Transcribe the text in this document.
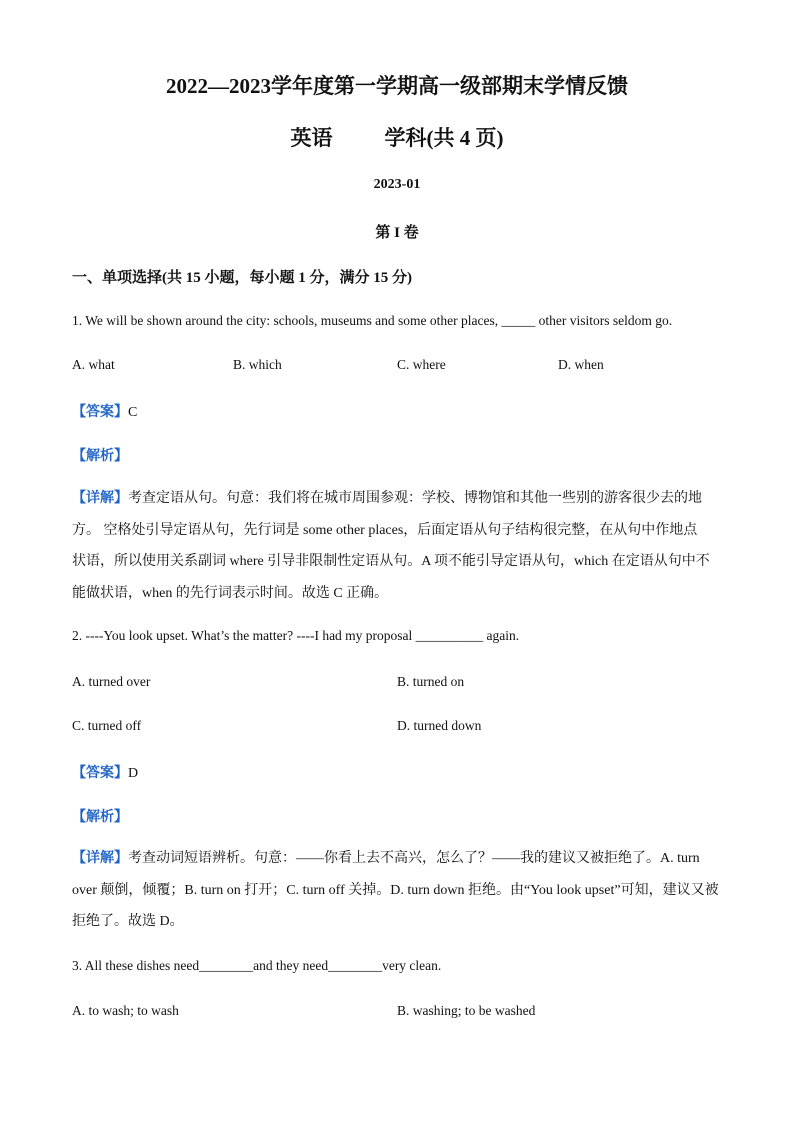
2022—2023学年度第一学期高一级部期末学情反馈
英语 学科(共 4 页)
2023-01
第 I 卷
一、单项选择(共 15 小题，每小题 1 分，满分 15 分)
1. We will be shown around the city: schools, museums and some other places, _____ other visitors seldom go.
A. what	B. which	C. where	D. when
【答案】C
【解析】
【详解】考查定语从句。句意：我们将在城市周围参观：学校、博物馆和其他一些别的游客很少去的地
方。 空格处引导定语从句，先行词是 some other places，后面定语从句子结构很完整，在从句中作地点
状语，所以使用关系副词 where 引导非限制性定语从句。A 项不能引导定语从句，which 在定语从句中不
能做状语，when 的先行词表示时间。故选 C 正确。
2. ----You look upset. What’s the matter? ----I had my proposal __________ again.
A. turned over	B. turned on
C. turned off	D. turned down
【答案】D
【解析】
【详解】考查动词短语辨析。句意：——你看上去不高兴，怎么了？——我的建议又被拒绝了。A. turn
over 颠倒，倾覆；B. turn on 打开；C. turn off 关掉。D. turn down 拒绝。由“You look upset”可知，建议又被
拒绝了。故选 D。
3. All these dishes need________and they need________very clean.
A. to wash; to wash	B. washing; to be washed
